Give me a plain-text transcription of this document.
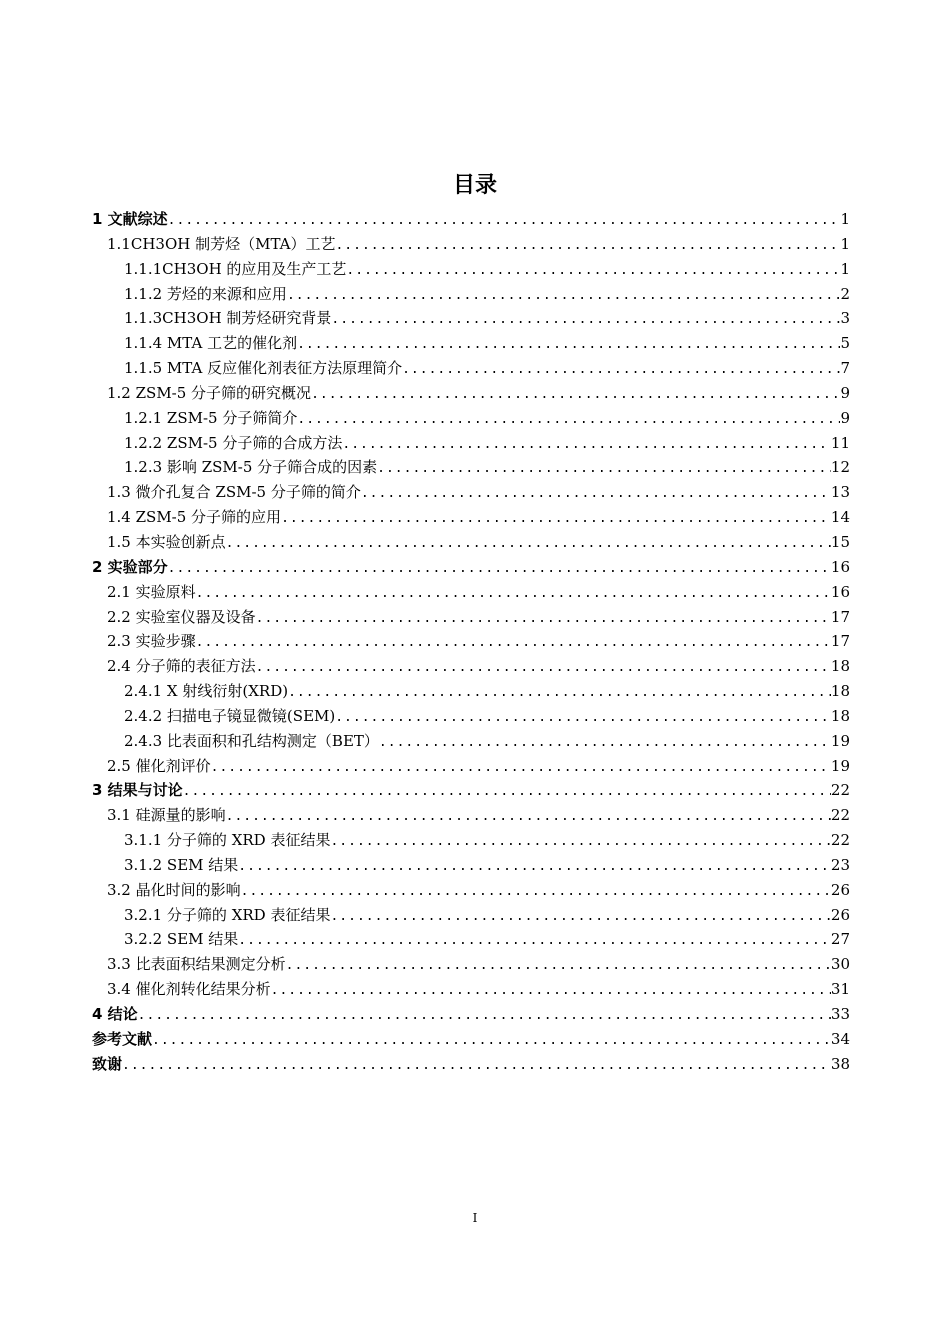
目录
1 文献综述 .....	1
1.1CH3OH 制芳烃（MTA）工艺 .....	1
1.1.1CH3OH 的应用及生产工艺 .....	1
1.1.2 芳烃的来源和应用 .....	2
1.1.3CH3OH 制芳烃研究背景 .....	3
1.1.4 MTA 工艺的催化剂 .....	5
1.1.5 MTA 反应催化剂表征方法原理简介 .....	7
1.2 ZSM-5 分子筛的研究概况 .....	9
1.2.1 ZSM-5 分子筛简介 .....	9
1.2.2 ZSM-5 分子筛的合成方法 .....	11
1.2.3 影响 ZSM-5 分子筛合成的因素 .....	12
1.3 微介孔复合 ZSM-5 分子筛的简介 .....	13
1.4 ZSM-5 分子筛的应用 .....	14
1.5 本实验创新点 .....	15
2 实验部分 .....	16
2.1 实验原料 .....	16
2.2 实验室仪器及设备 .....	17
2.3 实验步骤 .....	17
2.4 分子筛的表征方法 .....	18
2.4.1 X 射线衍射(XRD) .....	18
2.4.2 扫描电子镜显微镜(SEM) .....	18
2.4.3 比表面积和孔结构测定（BET） .....	19
2.5 催化剂评价 .....	19
3 结果与讨论 .....	22
3.1 硅源量的影响 .....	22
3.1.1 分子筛的 XRD 表征结果 .....	22
3.1.2 SEM 结果 .....	23
3.2 晶化时间的影响 .....	26
3.2.1 分子筛的 XRD 表征结果 .....	26
3.2.2 SEM 结果 .....	27
3.3 比表面积结果测定分析 .....	30
3.4 催化剂转化结果分析 .....	31
4 结论 .....	33
参考文献 .....	34
致谢 .....	38
I
